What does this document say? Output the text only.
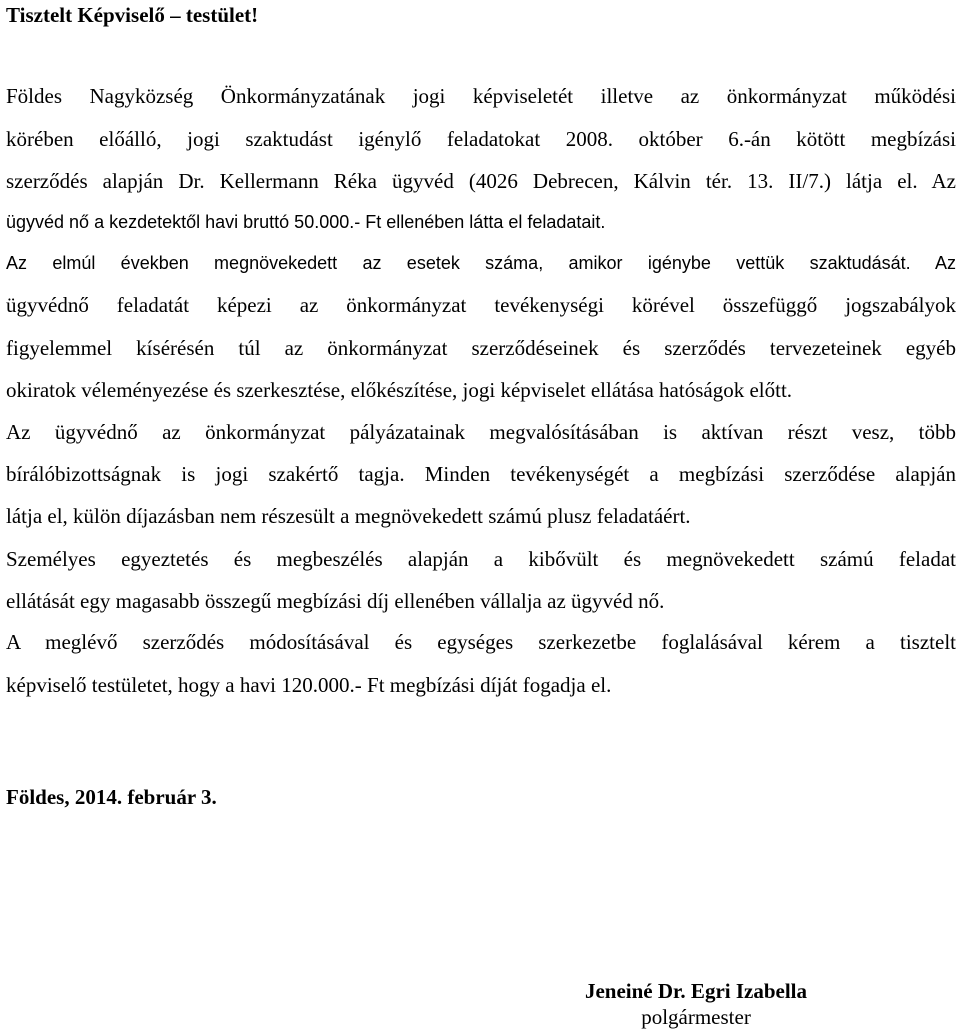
Tisztelt Képviselő – testület!
Földes Nagyközség Önkormányzatának jogi képviseletét illetve az önkormányzat működési
körében előálló, jogi szaktudást igénylő feladatokat 2008. október 6.-án kötött megbízási
szerződés alapján Dr. Kellermann Réka ügyvéd (4026 Debrecen, Kálvin tér. 13. II/7.) látja el. Az
ügyvéd nő a kezdetektől havi bruttó 50.000.- Ft ellenében látta el feladatait.
Az elmúl években megnövekedett az esetek száma, amikor igénybe vettük szaktudását. Az
ügyvédnő feladatát képezi az önkormányzat tevékenységi körével összefüggő jogszabályok
figyelemmel kísérésén túl az önkormányzat szerződéseinek és szerződés tervezeteinek egyéb
okiratok véleményezése és szerkesztése, előkészítése, jogi képviselet ellátása hatóságok előtt.
Az ügyvédnő az önkormányzat pályázatainak megvalósításában is aktívan részt vesz, több
bírálóbizottságnak is jogi szakértő tagja. Minden tevékenységét a megbízási szerződése alapján
látja el, külön díjazásban nem részesült a megnövekedett számú plusz feladatáért.
Személyes egyeztetés és megbeszélés alapján a kibővült és megnövekedett számú feladat
ellátását egy magasabb összegű megbízási díj ellenében vállalja az ügyvéd nő.
A meglévő szerződés módosításával és egységes szerkezetbe foglalásával kérem a tisztelt
képviselő testületet, hogy a havi 120.000.- Ft megbízási díját fogadja el.
Földes, 2014. február 3.
Jeneiné Dr. Egri Izabella
polgármester
